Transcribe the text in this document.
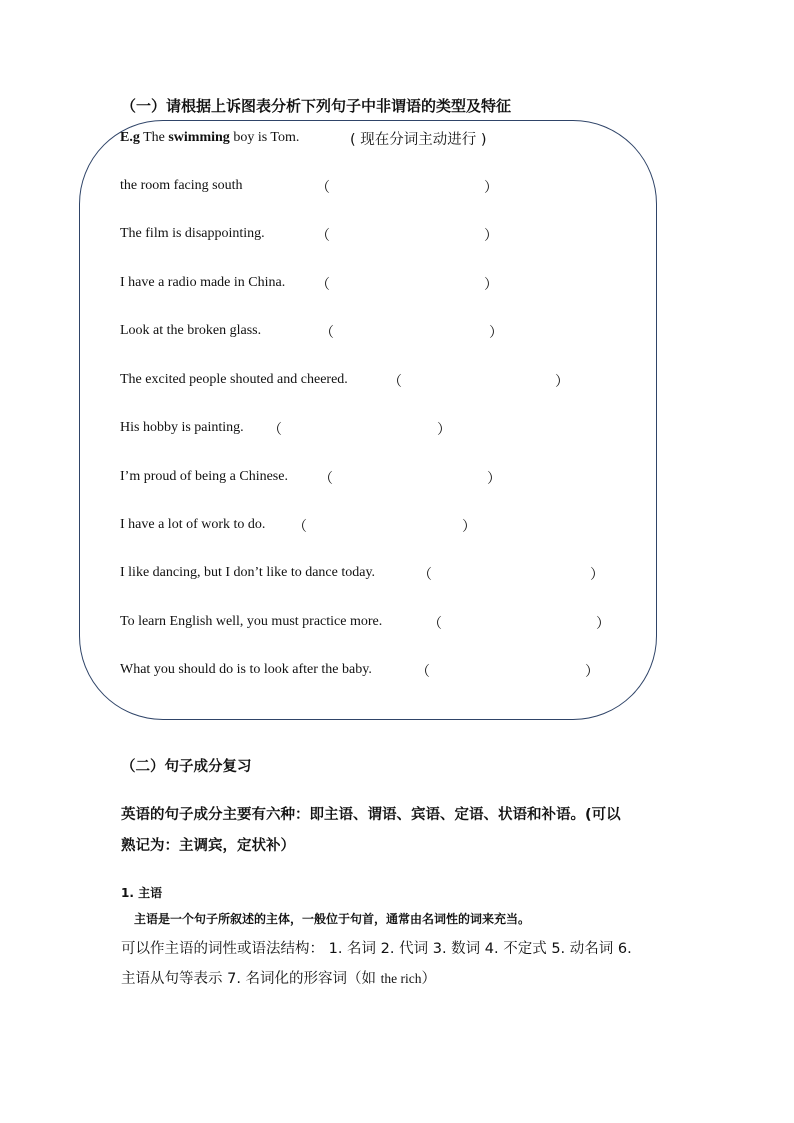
（一）请根据上诉图表分析下列句子中非谓语的类型及特征
E.g The swimming boy is Tom.	( 现在分词主动进行 )
the room facing south	（	）
The film is disappointing.	（	）
I have a radio made in China. （	）
Look at the broken glass.	（	）
The excited people shouted and cheered.	（	）
His hobby is painting. （	）
I’m proud of being a Chinese. （	）
I have a lot of work to do. （	）
I like dancing, but I don’t like to dance today.	（	）
To learn English well, you must practice more.	（	）
What you should do is to look after the baby.	（	）
（二）句子成分复习
英语的句子成分主要有六种：即主语、谓语、宾语、定语、状语和补语。(可以
熟记为：主调宾，定状补）
1. 主语
主语是一个句子所叙述的主体，一般位于句首，通常由名词性的词来充当。
可以作主语的词性或语法结构： 1. 名词 2. 代词 3. 数词 4. 不定式 5. 动名词 6.
主语从句等表示 7. 名词化的形容词（如 the rich）
